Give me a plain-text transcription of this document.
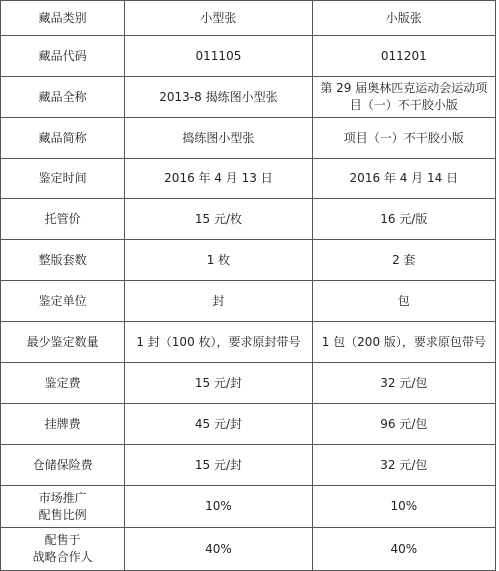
藏品类别	小型张	小版张
藏品代码	011105	011201
藏品全称	2013-8 揭练图小型张	第 29 届奥林匹克运动会运动项
目（一）不干胶小版

藏品简称	捣练图小型张	项目（一）不干胶小版
鉴定时间	2016 年 4 月 13 日	2016 年 4 月 14 日
托管价	15 元/枚	16 元/版
整版套数	1 枚	2 套
鉴定单位	封	包
最少鉴定数量	1 封（100 枚），要求原封带号	1 包（200 版），要求原包带号
鉴定费	15 元/封	32 元/包
挂牌费	45 元/封	96 元/包
仓储保险费	15 元/封	32 元/包

市场推广
配售比例	10%	10%

配售于
战略合作人	40%	40%
